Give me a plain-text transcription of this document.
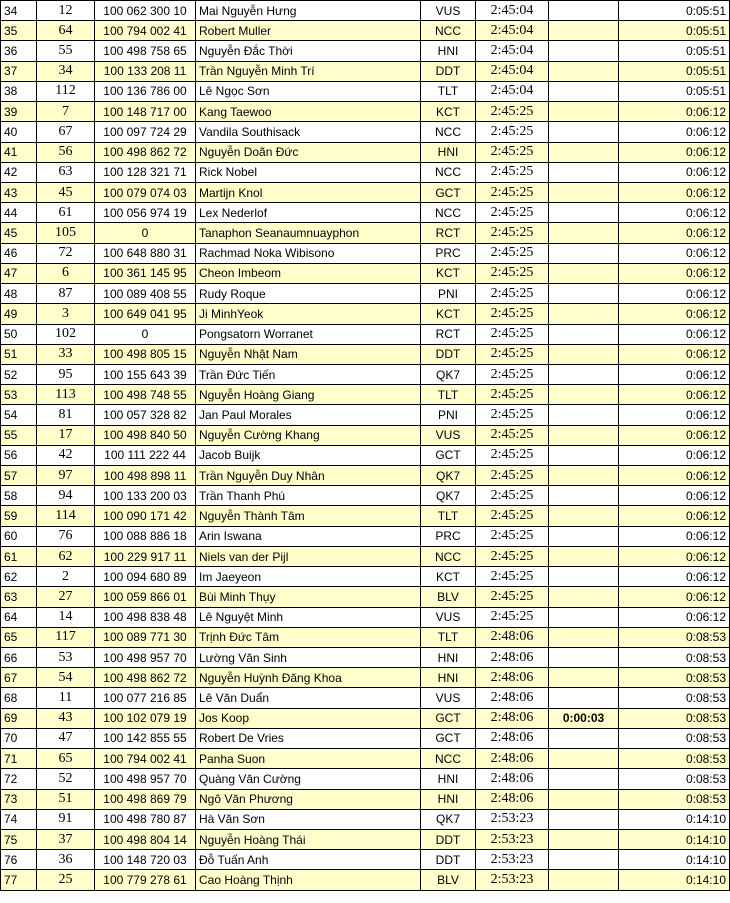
34	12	100 062 300 10	Mai Nguyễn Hưng	VUS	2:45:04		0:05:51
35	64	100 794 002 41	Robert Muller	NCC	2:45:04		0:05:51
36	55	100 498 758 65	Nguyễn Đắc Thời	HNI	2:45:04		0:05:51
37	34	100 133 208 11	Trần Nguyễn Minh Trí	DDT	2:45:04		0:05:51
38	112	100 136 786 00	Lê Ngọc Sơn	TLT	2:45:04		0:05:51
39	7	100 148 717 00	Kang Taewoo	KCT	2:45:25		0:06:12
40	67	100 097 724 29	Vandila Southisack	NCC	2:45:25		0:06:12
41	56	100 498 862 72	Nguyễn Doãn Đức	HNI	2:45:25		0:06:12
42	63	100 128 321 71	Rick Nobel	NCC	2:45:25		0:06:12
43	45	100 079 074 03	Martijn Knol	GCT	2:45:25		0:06:12
44	61	100 056 974 19	Lex Nederlof	NCC	2:45:25		0:06:12
45	105	0	Tanaphon Seanaumnuayphon	RCT	2:45:25		0:06:12
46	72	100 648 880 31	Rachmad Noka Wibisono	PRC	2:45:25		0:06:12
47	6	100 361 145 95	Cheon Imbeom	KCT	2:45:25		0:06:12
48	87	100 089 408 55	Rudy Roque	PNI	2:45:25		0:06:12
49	3	100 649 041 95	Ji MinhYeok	KCT	2:45:25		0:06:12
50	102	0	Pongsatorn Worranet	RCT	2:45:25		0:06:12
51	33	100 498 805 15	Nguyễn Nhật Nam	DDT	2:45:25		0:06:12
52	95	100 155 643 39	Trần Đức Tiến	QK7	2:45:25		0:06:12
53	113	100 498 748 55	Nguyễn Hoàng Giang	TLT	2:45:25		0:06:12
54	81	100 057 328 82	Jan Paul Morales	PNI	2:45:25		0:06:12
55	17	100 498 840 50	Nguyễn Cường Khang	VUS	2:45:25		0:06:12
56	42	100 111 222 44	Jacob Buijk	GCT	2:45:25		0:06:12
57	97	100 498 898 11	Trần Nguyễn Duy Nhân	QK7	2:45:25		0:06:12
58	94	100 133 200 03	Trần Thanh Phú	QK7	2:45:25		0:06:12
59	114	100 090 171 42	Nguyễn Thành Tâm	TLT	2:45:25		0:06:12
60	76	100 088 886 18	Arin Iswana	PRC	2:45:25		0:06:12
61	62	100 229 917 11	Niels van der Pijl	NCC	2:45:25		0:06:12
62	2	100 094 680 89	Im Jaeyeon	KCT	2:45:25		0:06:12
63	27	100 059 866 01	Bùi Minh Thụy	BLV	2:45:25		0:06:12
64	14	100 498 838 48	Lê Nguyệt Minh	VUS	2:45:25		0:06:12
65	117	100 089 771 30	Trịnh Đức Tâm	TLT	2:48:06		0:08:53
66	53	100 498 957 70	Lường Văn Sinh	HNI	2:48:06		0:08:53
67	54	100 498 862 72	Nguyễn Huỳnh Đăng Khoa	HNI	2:48:06		0:08:53
68	11	100 077 216 85	Lê Văn Duẩn	VUS	2:48:06		0:08:53
69	43	100 102 079 19	Jos Koop	GCT	2:48:06	0:00:03	0:08:53
70	47	100 142 855 55	Robert De Vries	GCT	2:48:06		0:08:53
71	65	100 794 002 41	Panha Suon	NCC	2:48:06		0:08:53
72	52	100 498 957 70	Quàng Văn Cường	HNI	2:48:06		0:08:53
73	51	100 498 869 79	Ngô Văn Phương	HNI	2:48:06		0:08:53
74	91	100 498 780 87	Hà Văn Sơn	QK7	2:53:23		0:14:10
75	37	100 498 804 14	Nguyễn Hoàng Thái	DDT	2:53:23		0:14:10
76	36	100 148 720 03	Đỗ Tuấn Anh	DDT	2:53:23		0:14:10
77	25	100 779 278 61	Cao Hoàng Thịnh	BLV	2:53:23		0:14:10
